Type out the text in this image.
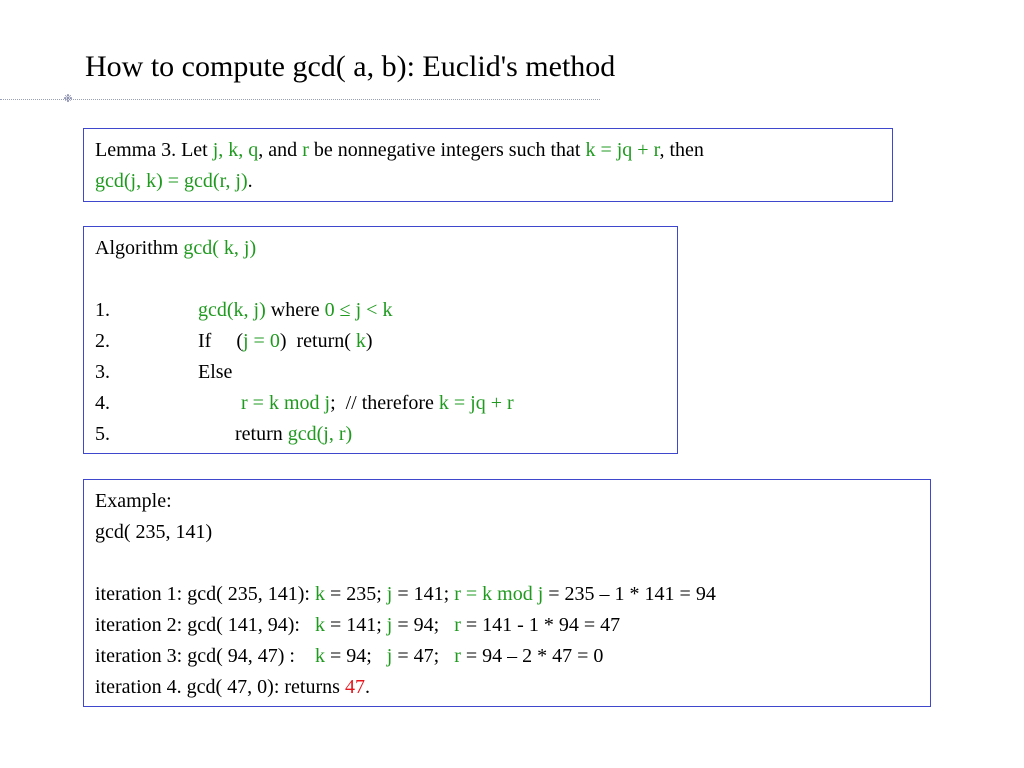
How to compute gcd( a, b): Euclid's method
❉
Lemma 3. Let j, k, q, and r be nonnegative integers such that k = jq + r, then
gcd(j, k) = gcd(r, j).
Algorithm gcd( k, j)
1.	gcd(k, j) where 0 ≤ j < k
2.	If     (j = 0)  return( k)
3.	Else
4.	r = k mod j;  // therefore k = jq + r
5.	return gcd(j, r)
Example:
gcd( 235, 141)
iteration 1: gcd( 235, 141): k = 235; j = 141; r = k mod j = 235 – 1 * 141 = 94
iteration 2: gcd( 141, 94):   k = 141; j = 94;   r = 141 - 1 * 94 = 47
iteration 3: gcd( 94, 47) :    k = 94;   j = 47;   r = 94 – 2 * 47 = 0
iteration 4. gcd( 47, 0): returns 47.
